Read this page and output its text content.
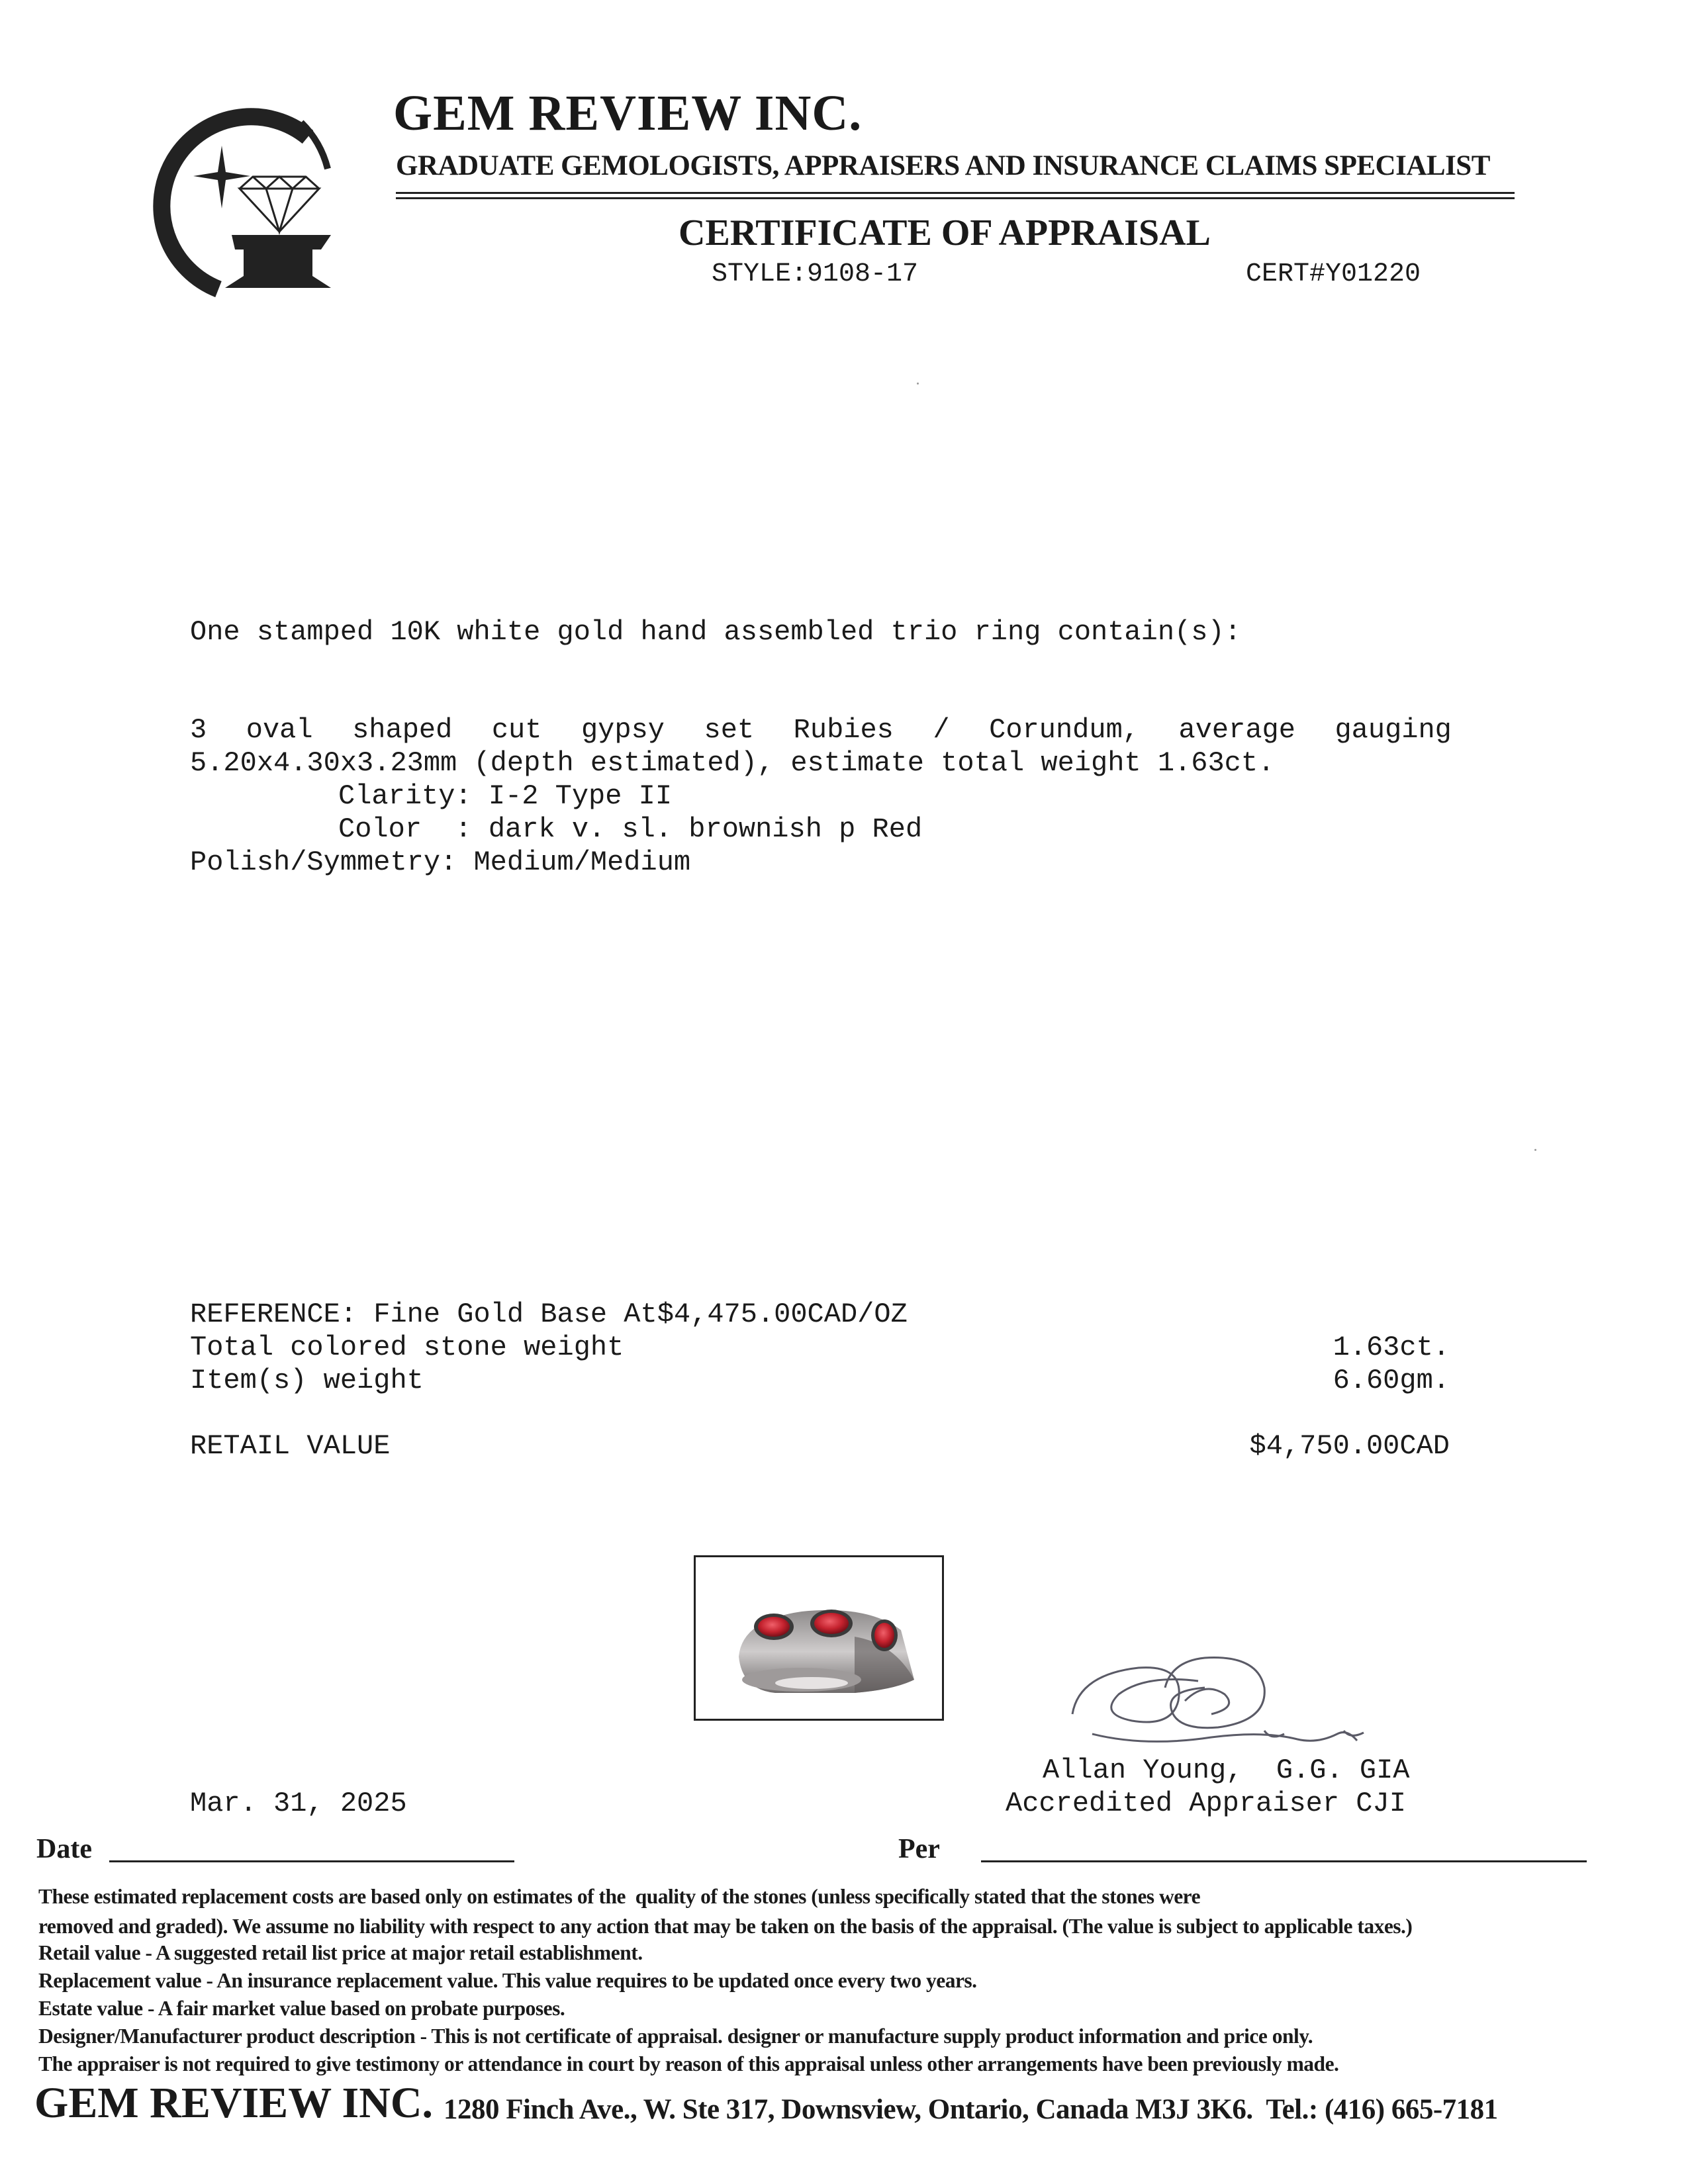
GEM REVIEW INC.
GRADUATE GEMOLOGISTS, APPRAISERS AND INSURANCE CLAIMS SPECIALIST
CERTIFICATE OF APPRAISAL
STYLE:9108-17	CERT#Y01220
One stamped 10K white gold hand assembled trio ring contain(s):
3 oval shaped cut gypsy set Rubies / Corundum, average gauging
5.20x4.30x3.23mm (depth estimated), estimate total weight 1.63ct.
Clarity: I-2 Type II
Color  : dark v. sl. brownish p Red
Polish/Symmetry: Medium/Medium
REFERENCE: Fine Gold Base At$4,475.00CAD/OZ
Total colored stone weight	1.63ct.
Item(s) weight	6.60gm.
RETAIL VALUE	$4,750.00CAD
Allan Young,  G.G. GIA
Accredited Appraiser CJI
Mar. 31, 2025
Date	Per
These estimated replacement costs are based only on estimates of the  quality of the stones (unless specifically stated that the stones were
removed and graded). We assume no liability with respect to any action that may be taken on the basis of the appraisal. (The value is subject to applicable taxes.)
Retail value - A suggested retail list price at major retail establishment.
Replacement value - An insurance replacement value. This value requires to be updated once every two years.
Estate value - A fair market value based on probate purposes.
Designer/Manufacturer product description - This is not certificate of appraisal. designer or manufacture supply product information and price only.
The appraiser is not required to give testimony or attendance in court by reason of this appraisal unless other arrangements have been previously made.
GEM REVIEW INC. 1280 Finch Ave., W. Ste 317, Downsview, Ontario, Canada M3J 3K6.  Tel.: (416) 665-7181
